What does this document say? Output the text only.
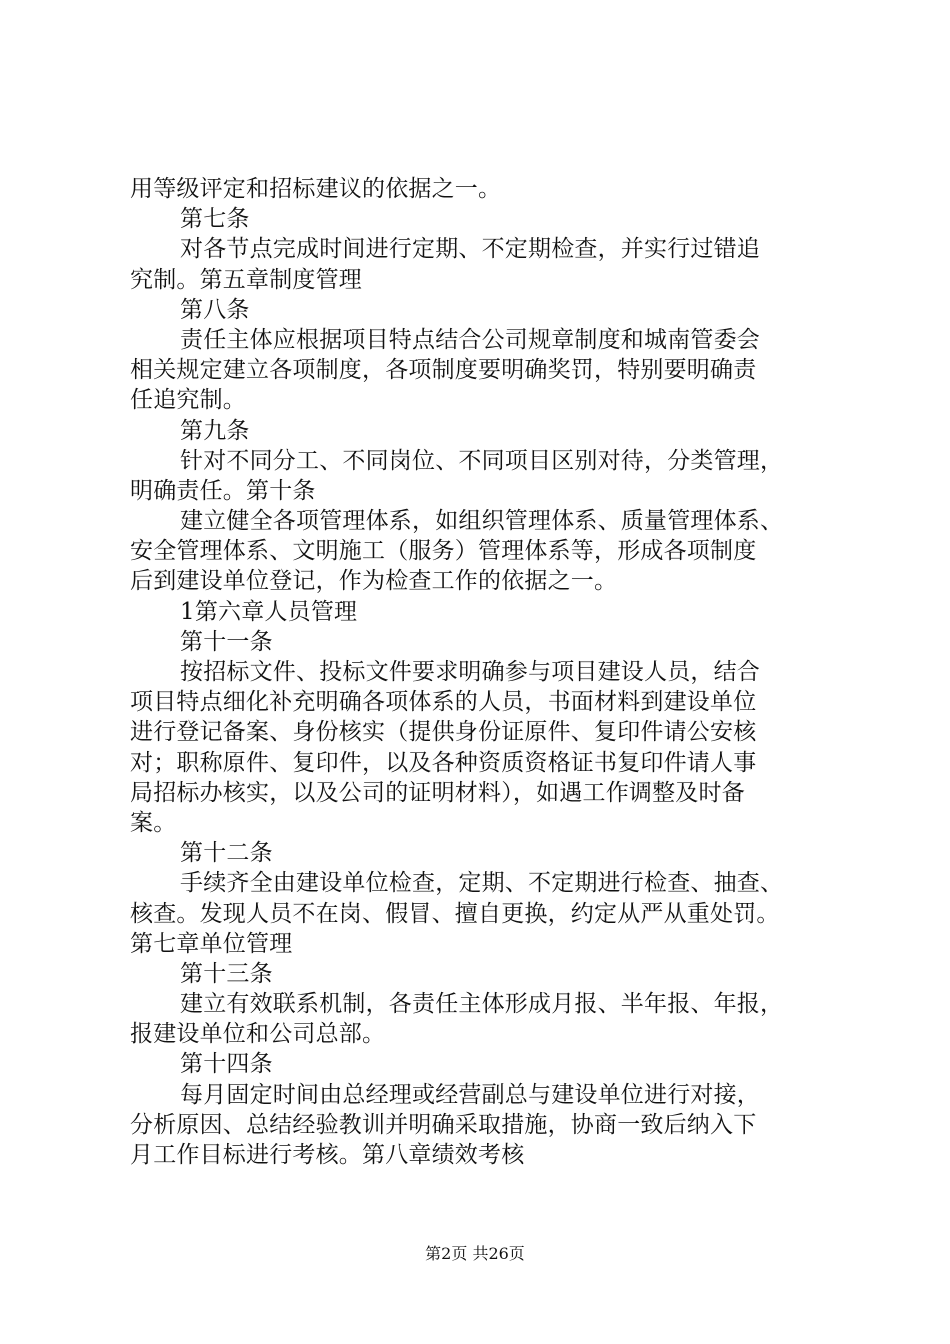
用等级评定和招标建议的依据之一。
第七条
对各节点完成时间进行定期、不定期检查，并实行过错追
究制。第五章制度管理
第八条
责任主体应根据项目特点结合公司规章制度和城南管委会
相关规定建立各项制度，各项制度要明确奖罚，特别要明确责
任追究制。
第九条
针对不同分工、不同岗位、不同项目区别对待，分类管理，
明确责任。第十条
建立健全各项管理体系，如组织管理体系、质量管理体系、
安全管理体系、文明施工（服务）管理体系等，形成各项制度
后到建设单位登记，作为检查工作的依据之一。
1第六章人员管理
第十一条
按招标文件、投标文件要求明确参与项目建设人员，结合
项目特点细化补充明确各项体系的人员，书面材料到建设单位
进行登记备案、身份核实（提供身份证原件、复印件请公安核
对；职称原件、复印件，以及各种资质资格证书复印件请人事
局招标办核实，以及公司的证明材料），如遇工作调整及时备
案。
第十二条
手续齐全由建设单位检查，定期、不定期进行检查、抽查、
核查。发现人员不在岗、假冒、擅自更换，约定从严从重处罚。
第七章单位管理
第十三条
建立有效联系机制，各责任主体形成月报、半年报、年报，
报建设单位和公司总部。
第十四条
每月固定时间由总经理或经营副总与建设单位进行对接，
分析原因、总结经验教训并明确采取措施，协商一致后纳入下
月工作目标进行考核。第八章绩效考核
第2页 共26页
